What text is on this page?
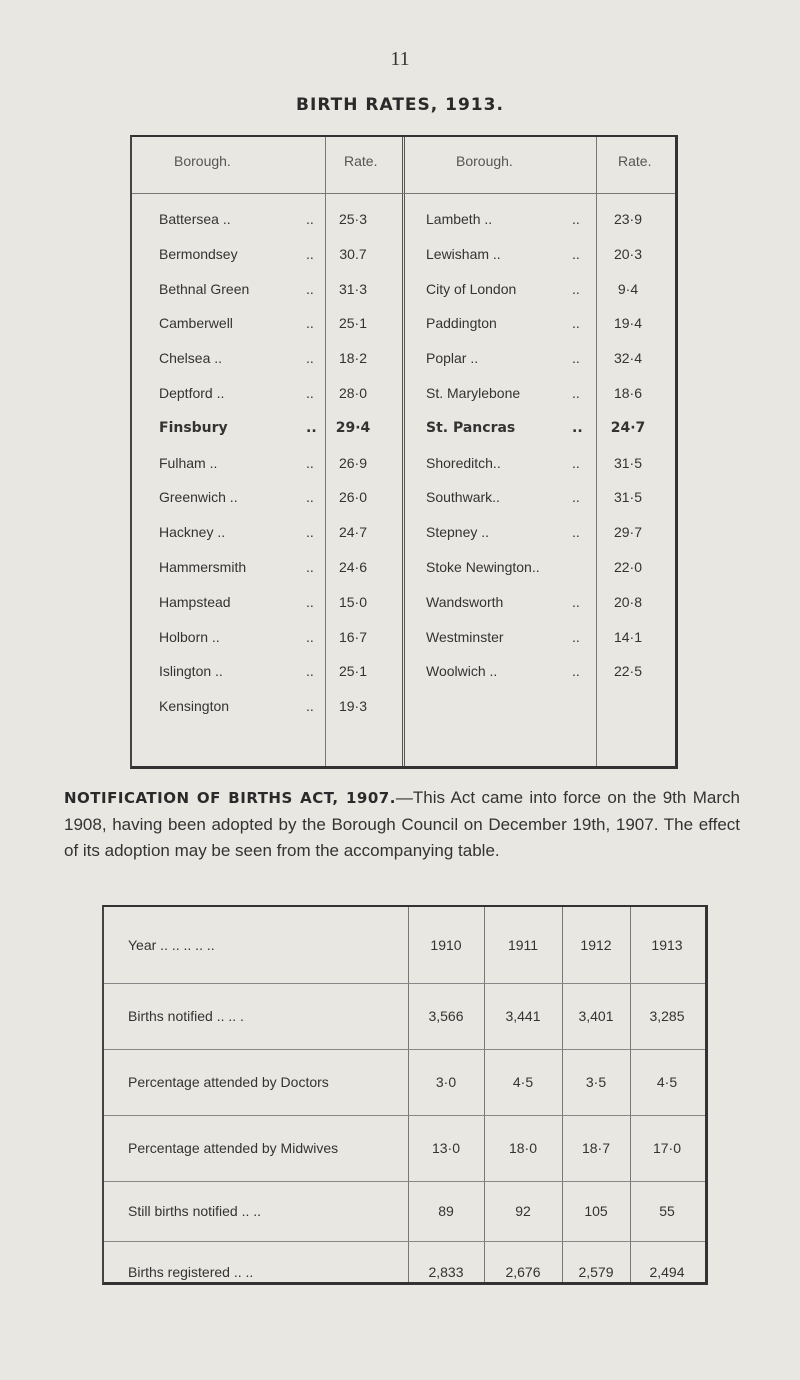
11
BIRTH RATES, 1913.
Borough.	Rate.	Borough.	Rate.
Battersea ..	..	25·3	Lambeth ..	..	23·9
Bermondsey	..	30.7	Lewisham ..	..	20·3
Bethnal Green	..	31·3	City of London	..	9·4
Camberwell	..	25·1	Paddington	..	19·4
Chelsea ..	..	18·2	Poplar ..	..	32·4
Deptford ..	..	28·0	St. Marylebone	..	18·6
Finsbury	..	29·4	St. Pancras	..	24·7
Fulham ..	..	26·9	Shoreditch..	..	31·5
Greenwich ..	..	26·0	Southwark..	..	31·5
Hackney ..	..	24·7	Stepney ..	..	29·7
Hammersmith	..	24·6	Stoke Newington..	22·0
Hampstead	..	15·0	Wandsworth	..	20·8
Holborn ..	..	16·7	Westminster	..	14·1
Islington ..	..	25·1	Woolwich ..	..	22·5
Kensington	..	19·3
NOTIFICATION OF BIRTHS ACT, 1907.—This Act came into force on the 9th March 1908, having been adopted by the Borough Council on December 19th, 1907. The effect of its adoption may be seen from the accompanying table.
Year .. .. .. .. ..	1910	1911	1912	1913
Births notified .. .. .	3,566	3,441	3,401	3,285
Percentage attended by Doctors	3·0	4·5	3·5	4·5
Percentage attended by Midwives	13·0	18·0	18·7	17·0
Still births notified .. ..	89	92	105	55
Births registered .. ..	2,833	2,676	2,579	2,494
